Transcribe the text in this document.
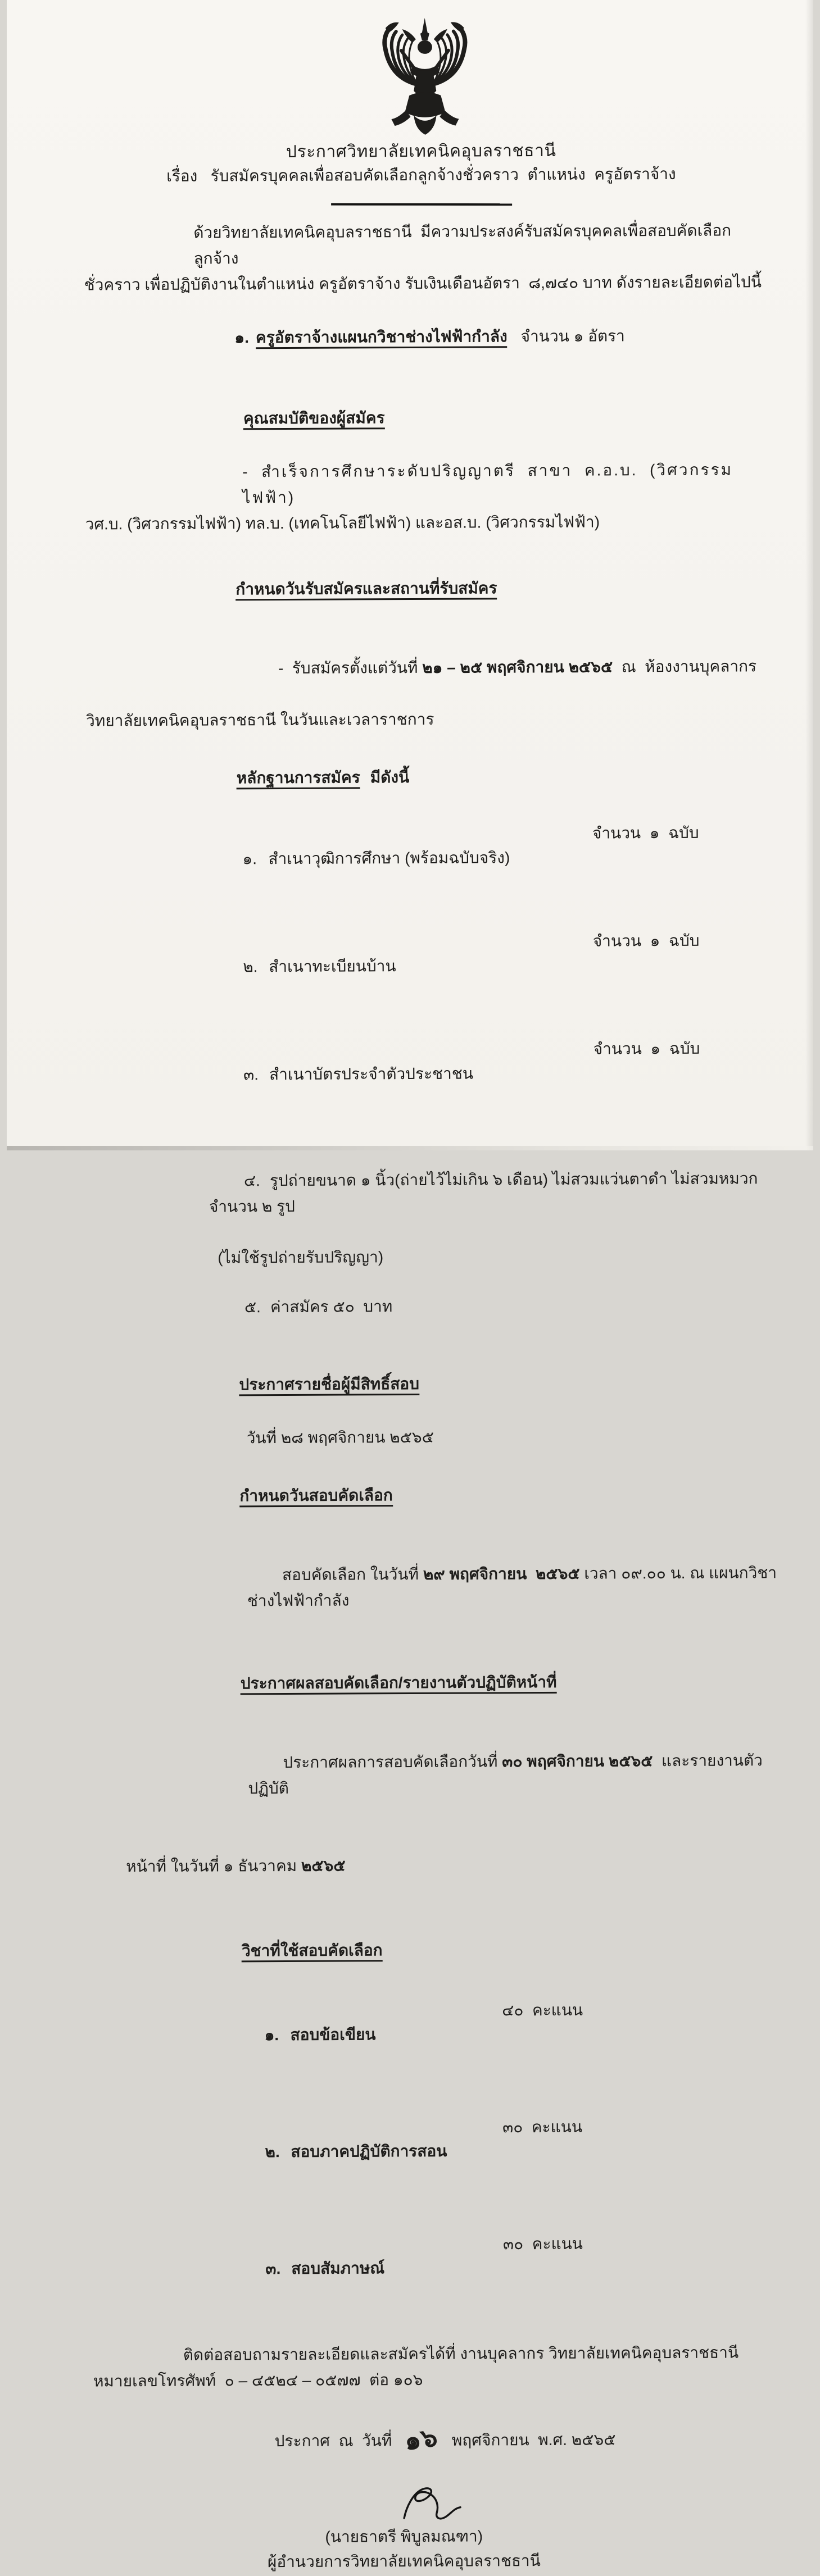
ประกาศวิทยาลัยเทคนิคอุบลราชธานี
เรื่อง   รับสมัครบุคคลเพื่อสอบคัดเลือกลูกจ้างชั่วคราว  ตำแหน่ง  ครูอัตราจ้าง
ด้วยวิทยาลัยเทคนิคอุบลราชธานี  มีความประสงค์รับสมัครบุคคลเพื่อสอบคัดเลือกลูกจ้าง
ชั่วคราว เพื่อปฏิบัติงานในตำแหน่ง ครูอัตราจ้าง รับเงินเดือนอัตรา  ๘,๗๔๐ บาท ดังรายละเอียดต่อไปนี้

๑. ครูอัตราจ้างแผนกวิชาช่างไฟฟ้ากำลัง จำนวน ๑ อัตรา

คุณสมบัติของผู้สมัคร

-  สำเร็จการศึกษาระดับปริญญาตรี  สาขา  ค.อ.บ.  (วิศวกรรมไฟฟ้า)
วศ.บ. (วิศวกรรมไฟฟ้า) ทล.บ. (เทคโนโลยีไฟฟ้า) และอส.บ. (วิศวกรรมไฟฟ้า)

กำหนดวันรับสมัครและสถานที่รับสมัคร

-  รับสมัครตั้งแต่วันที่ ๒๑ – ๒๕ พฤศจิกายน ๒๕๖๕  ณ  ห้องงานบุคลากร

วิทยาลัยเทคนิคอุบลราชธานี ในวันและเวลาราชการ

หลักฐานการสมัคร มีดังนี้

๑. สำเนาวุฒิการศึกษา (พร้อมฉบับจริง)

จำนวน  ๑  ฉบับ

๒. สำเนาทะเบียนบ้าน

จำนวน  ๑  ฉบับ

๓. สำเนาบัตรประจำตัวประชาชน

จำนวน  ๑  ฉบับ

๔. รูปถ่ายขนาด ๑ นิ้ว(ถ่ายไว้ไม่เกิน ๖ เดือน) ไม่สวมแว่นตาดำ ไม่สวมหมวก จำนวน ๒ รูป

(ไม่ใช้รูปถ่ายรับปริญญา)

๕. ค่าสมัคร ๕๐  บาท

ประกาศรายชื่อผู้มีสิทธิ์สอบ

วันที่ ๒๘ พฤศจิกายน ๒๕๖๕

กำหนดวันสอบคัดเลือก

สอบคัดเลือก ในวันที่ ๒๙ พฤศจิกายน  ๒๕๖๕ เวลา ๐๙.๐๐ น. ณ แผนกวิชาช่างไฟฟ้ากำลัง

ประกาศผลสอบคัดเลือก/รายงานตัวปฏิบัติหน้าที่

ประกาศผลการสอบคัดเลือกวันที่ ๓๐ พฤศจิกายน ๒๕๖๕  และรายงานตัวปฏิบัติ

หน้าที่ ในวันที่ ๑ ธันวาคม ๒๕๖๕

วิชาที่ใช้สอบคัดเลือก

๑. สอบข้อเขียน

๔๐  คะแนน

๒. สอบภาคปฏิบัติการสอน

๓๐  คะแนน

๓. สอบสัมภาษณ์

๓๐  คะแนน

ติดต่อสอบถามรายละเอียดและสมัครได้ที่ งานบุคลากร วิทยาลัยเทคนิคอุบลราชธานี
หมายเลขโทรศัพท์  ๐ – ๔๕๒๔ – ๐๕๗๗  ต่อ ๑๐๖

ประกาศ  ณ  วันที่ ๑๖ พฤศจิกายน  พ.ศ. ๒๕๖๕

(นายธาตรี พิบูลมณฑา)
ผู้อำนวยการวิทยาลัยเทคนิคอุบลราชธานี
